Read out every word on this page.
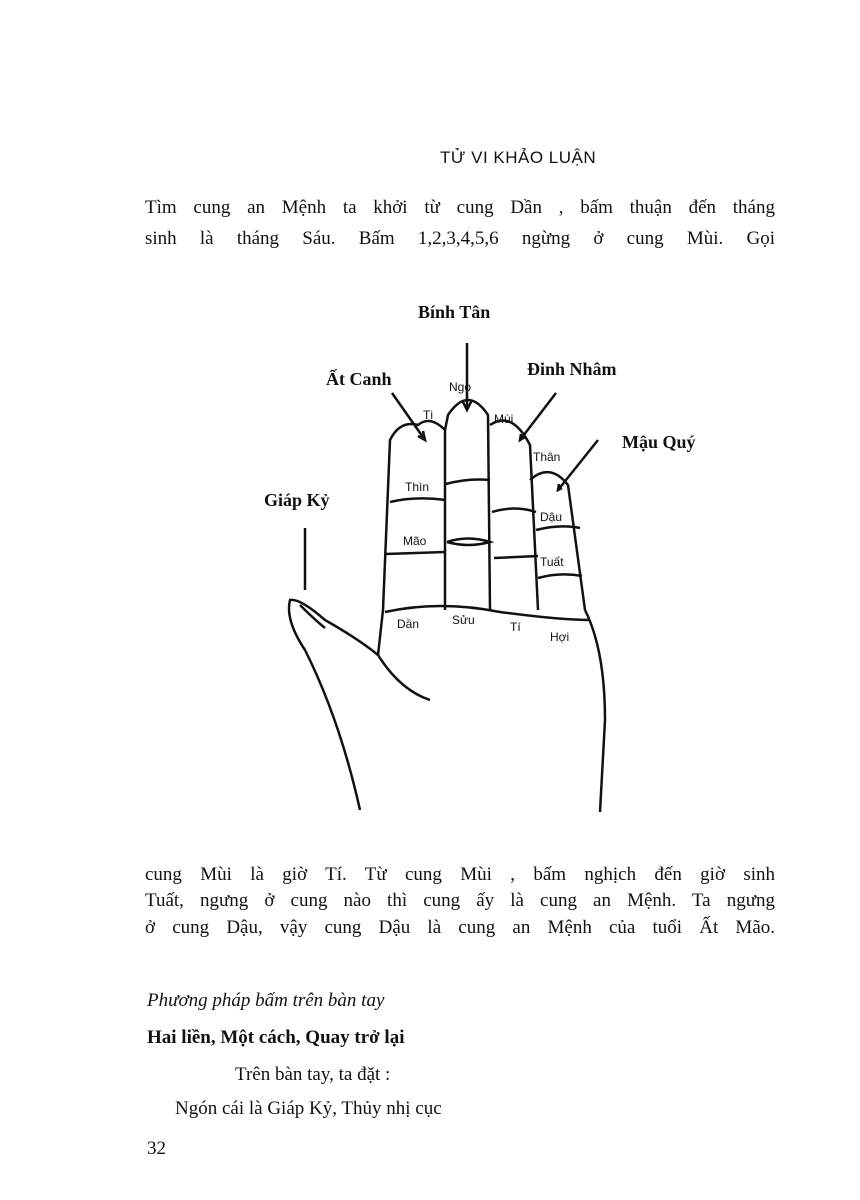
TỬ VI KHẢO LUẬN
Tìm cung an Mệnh ta khởi từ cung Dần , bấm thuận đến tháng
sinh là tháng Sáu. Bấm 1,2,3,4,5,6 ngừng ở cung Mùi. Gọi
Bính Tân
Ất Canh	Đinh Nhâm
Mậu Quý
Giáp Kỷ
Tị
Ngọ
Mùi
Thân
Thìn
Dậu
Mão
Tuất
Dần	Sửu	Tí
Hợi
cung Mùi là giờ Tí. Từ cung Mùi , bấm nghịch đến giờ sinh
Tuất, ngưng ở cung nào thì cung ấy là cung an Mệnh. Ta ngưng
ở cung Dậu, vậy cung Dậu là cung an Mệnh của tuổi Ất Mão.
Phương pháp bấm trên bàn tay
Hai liền, Một cách, Quay trở lại
Trên bàn tay, ta đặt :
Ngón cái là Giáp Kỷ, Thủy nhị cục
32
